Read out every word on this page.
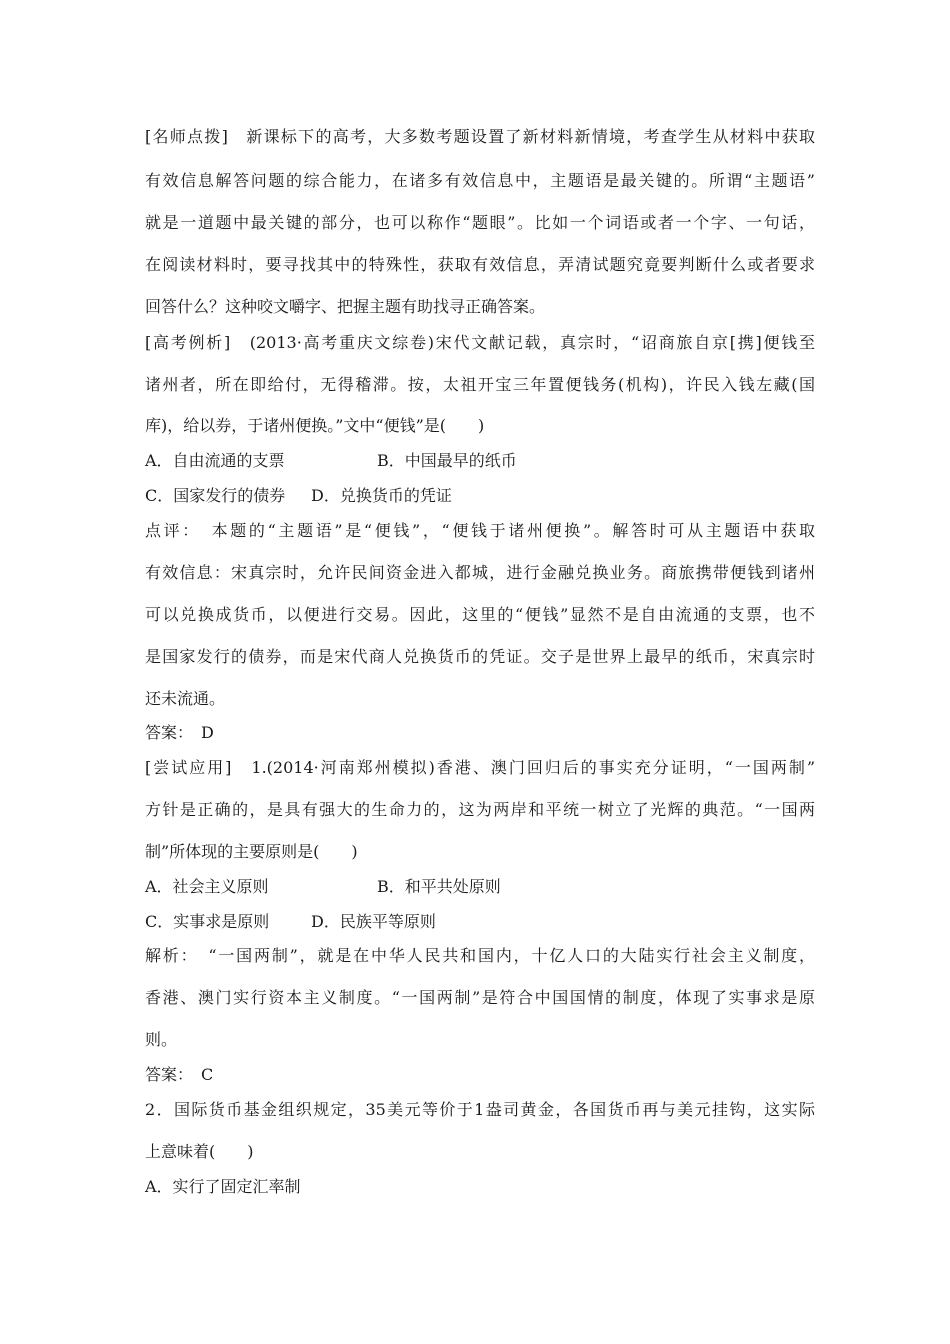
[名师点拨]　新课标下的高考，大多数考题设置了新材料新情境，考查学生从材料中获取
有效信息解答问题的综合能力，在诸多有效信息中，主题语是最关键的。所谓“主题语”
就是一道题中最关键的部分，也可以称作“题眼”。比如一个词语或者一个字、一句话，
在阅读材料时，要寻找其中的特殊性，获取有效信息，弄清试题究竟要判断什么或者要求
回答什么？这种咬文嚼字、把握主题有助找寻正确答案。
[高考例析]　(2013·高考重庆文综卷)宋代文献记载，真宗时，“诏商旅自京[携]便钱至
诸州者，所在即给付，无得稽滞。按，太祖开宝三年置便钱务(机构)，许民入钱左藏(国
库)，给以券，于诸州便换。”文中“便钱”是(　　)
A．自由流通的支票	B．中国最早的纸币
C．国家发行的债券 D．兑换货币的凭证
点评：　本题的“主题语”是“便钱”，“便钱于诸州便换”。解答时可从主题语中获取
有效信息：宋真宗时，允许民间资金进入都城，进行金融兑换业务。商旅携带便钱到诸州
可以兑换成货币，以便进行交易。因此，这里的“便钱”显然不是自由流通的支票，也不
是国家发行的债券，而是宋代商人兑换货币的凭证。交子是世界上最早的纸币，宋真宗时
还未流通。
答案：　D
[尝试应用]　1.(2014·河南郑州模拟)香港、澳门回归后的事实充分证明，“一国两制”
方针是正确的，是具有强大的生命力的，这为两岸和平统一树立了光辉的典范。“一国两
制”所体现的主要原则是(　　)
A．社会主义原则	B．和平共处原则
C．实事求是原则	D．民族平等原则
解析：　“一国两制”，就是在中华人民共和国内，十亿人口的大陆实行社会主义制度，
香港、澳门实行资本主义制度。“一国两制”是符合中国国情的制度，体现了实事求是原
则。
答案：　C
2．国际货币基金组织规定，35美元等价于1盎司黄金，各国货币再与美元挂钩，这实际
上意味着(　　)
A．实行了固定汇率制
